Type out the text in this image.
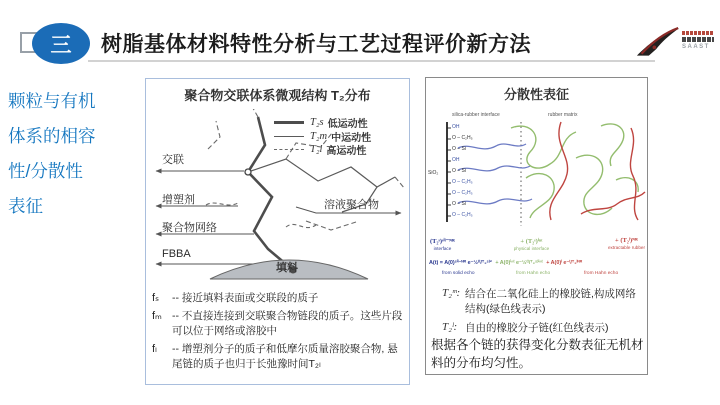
三 树脂基体材料特性分析与工艺过程评价新方法	SAAST
颗粒与有机
体系的相容
性/分散性
表征
聚合物交联体系微观结构 T₂分布
T₂s 低运动性
T₂m 中运动性
T₂l 高运动性
交联
增塑剂
聚合物网络
FBBA
溶液聚合物
填料
fₛ	-- 接近填料表面或交联段的质子
fₘ -- 不直接连接到交联聚合物链段的质子。这些片段可以位于网络或溶胶中
fₗ	-- 增塑剂分子的质子和低摩尔质量溶胶聚合物, 悬尾链的质子也归于长弛豫时间T₂ₗ
分散性表征
silica-rubber interface	rubber matrix
SiO₂
OH
O – C₂H₅
O – Si
OH
O – Si
O – C₂H₅
O – C₂H₅
O – Si
O – C₂H₅
(T₂ˢ)ˢⁱˡ⁻ᴺᴿ
interface
+ (T₂ˢ)ⁱⁿᵗ
physical interface
+ (T₂ˡ)ᴺᴿ
extractable rubber
A(t) = A(0)ˢⁱˡ⁻ᴺᴿ e⁻½⁽ᵗ/ᵀ₂ˢ⁾² + A(0)ⁱⁿᵗ e⁻½⁽ᵗ/ᵀ₂ˢ⁾ⁱⁿᵗ + A(0)ˡ e⁻ᵗ/ᵀ₂ˡᴺᴿ
from solid echo	from Hahn echo	from Hahn echo
T₂ᵐ: 结合在二氧化硅上的橡胶链,构成网络结构(绿色线表示)
T₂ˡ: 自由的橡胶分子链(红色线表示)
根据各个链的获得变化分数表征无机材料的分布均匀性。
